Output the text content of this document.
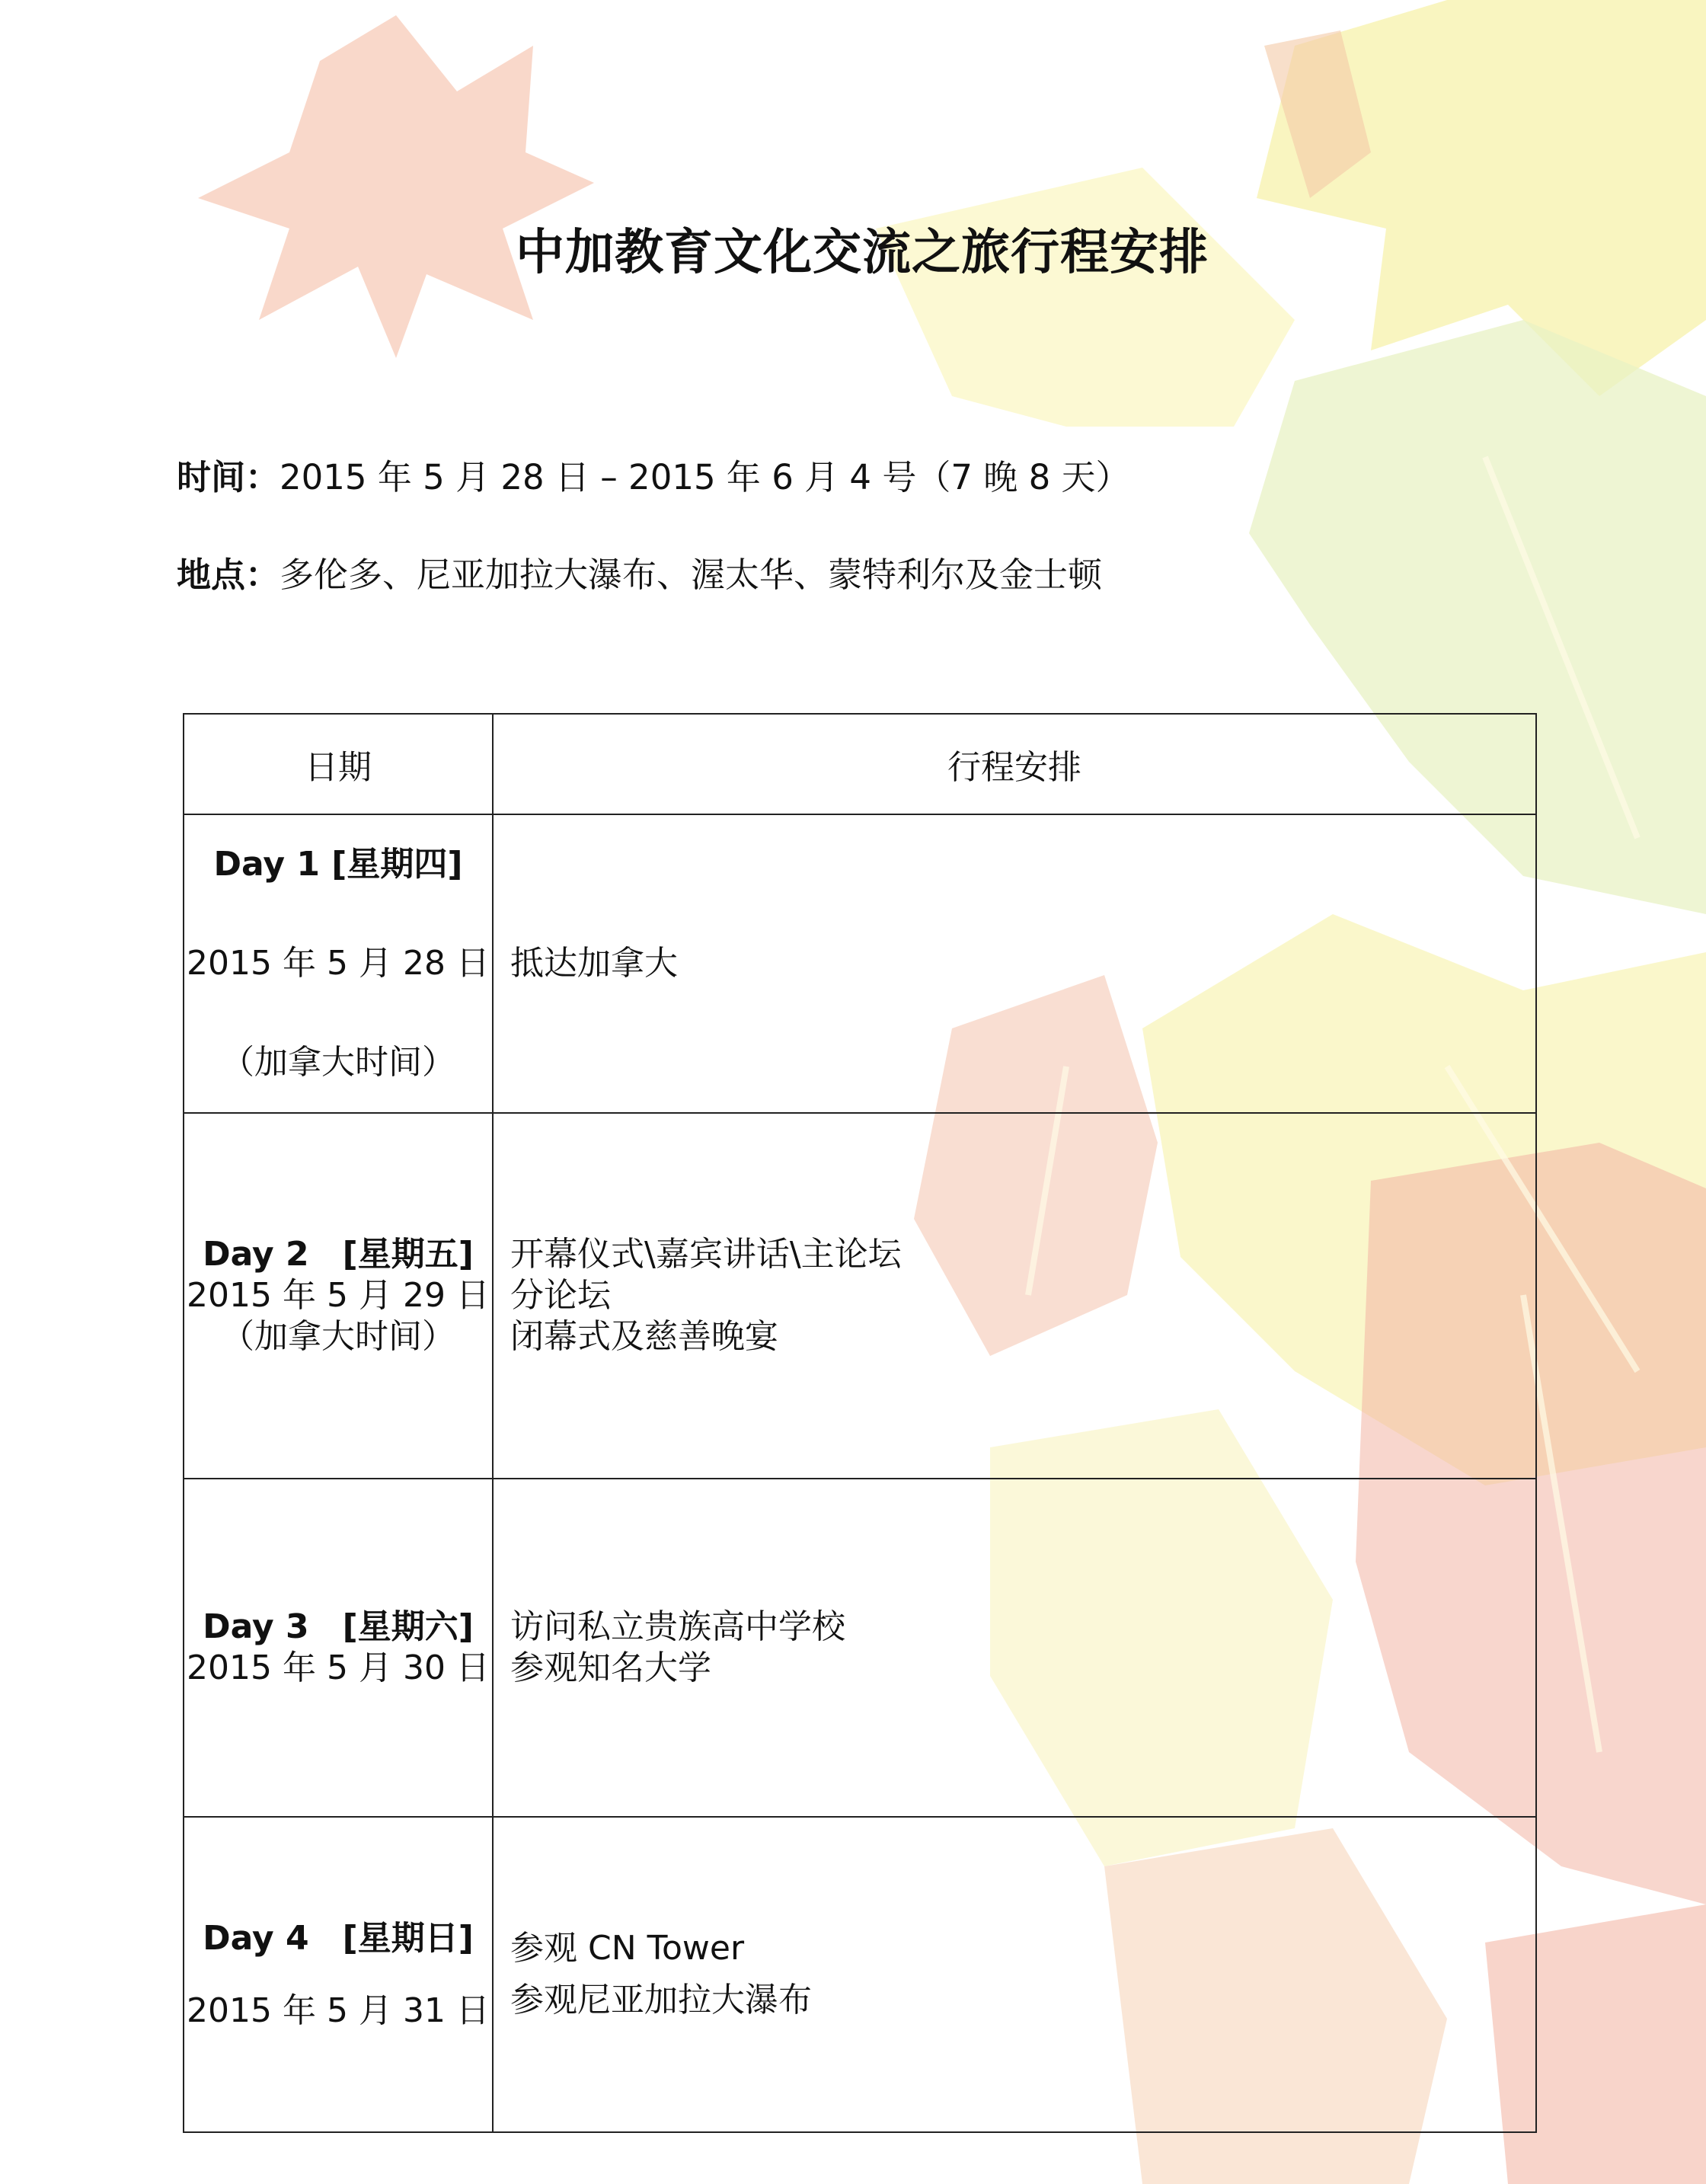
中加教育文化交流之旅行程安排
时间：2015 年 5 月 28 日 – 2015 年 6 月 4 号（7 晚 8 天）
地点：多伦多、尼亚加拉大瀑布、渥太华、蒙特利尔及金士顿
日期	行程安排

Day 1 [星期四]
2015 年 5 月 28 日
（加拿大时间）	抵达加拿大

Day 2　[星期五]
2015 年 5 月 29 日
（加拿大时间）	开幕仪式\嘉宾讲话\主论坛
分论坛
闭幕式及慈善晚宴

Day 3　[星期六]
2015 年 5 月 30 日	访问私立贵族高中学校
参观知名大学

Day 4　[星期日]
2015 年 5 月 31 日	参观 CN Tower
参观尼亚加拉大瀑布
